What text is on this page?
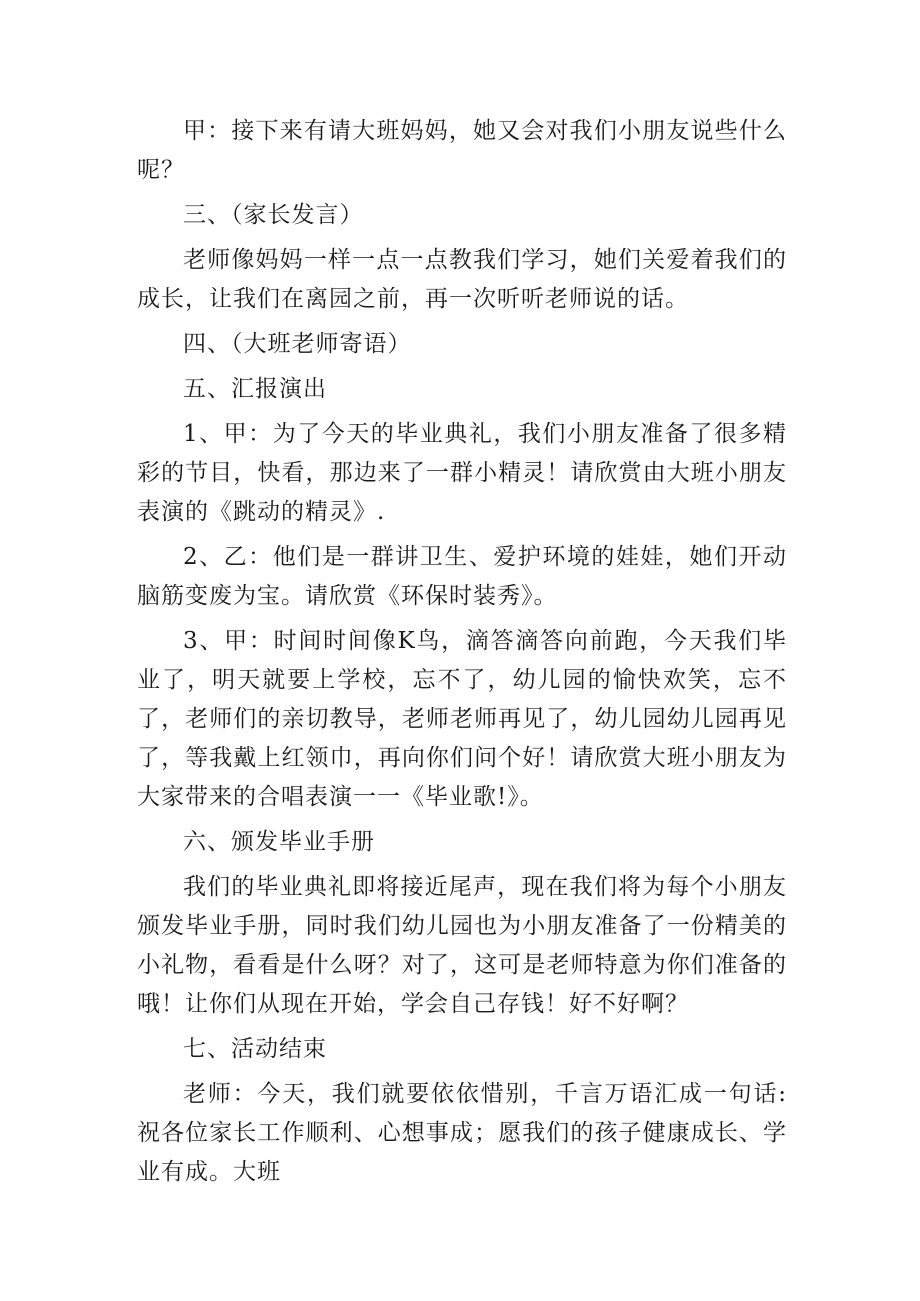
甲：接下来有请大班妈妈，她又会对我们小朋友说些什么呢？

三、（家长发言）

老师像妈妈一样一点一点教我们学习，她们关爱着我们的成长，让我们在离园之前，再一次听听老师说的话。

四、（大班老师寄语）

五、汇报演出

1、甲：为了今天的毕业典礼，我们小朋友准备了很多精彩的节目，快看，那边来了一群小精灵！请欣赏由大班小朋友表演的《跳动的精灵》.

2、乙：他们是一群讲卫生、爱护环境的娃娃，她们开动脑筋变废为宝。请欣赏《环保时装秀》。

3、甲：时间时间像K鸟，滴答滴答向前跑，今天我们毕业了，明天就要上学校，忘不了，幼儿园的愉快欢笑，忘不了，老师们的亲切教导，老师老师再见了，幼儿园幼儿园再见了，等我戴上红领巾，再向你们问个好！请欣赏大班小朋友为大家带来的合唱表演一一《毕业歌!》。

六、颁发毕业手册

我们的毕业典礼即将接近尾声，现在我们将为每个小朋友颁发毕业手册，同时我们幼儿园也为小朋友准备了一份精美的小礼物，看看是什么呀？对了，这可是老师特意为你们准备的哦！让你们从现在开始，学会自己存钱！好不好啊？

七、活动结束

老师：今天，我们就要依依惜别，千言万语汇成一句话:祝各位家长工作顺利、心想事成；愿我们的孩子健康成长、学业有成。大班
